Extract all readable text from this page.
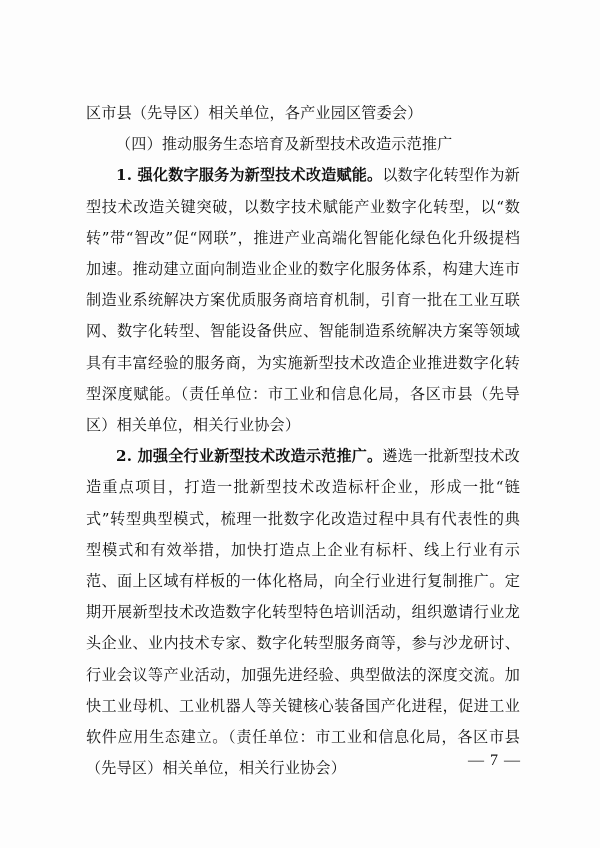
区市县（先导区）相关单位，各产业园区管委会）

（四）推动服务生态培育及新型技术改造示范推广

1. 强化数字服务为新型技术改造赋能。以数字化转型作为新型技术改造关键突破，以数字技术赋能产业数字化转型，以“数转”带“智改”促“网联”，推进产业高端化智能化绿色化升级提档加速。推动建立面向制造业企业的数字化服务体系，构建大连市制造业系统解决方案优质服务商培育机制，引育一批在工业互联网、数字化转型、智能设备供应、智能制造系统解决方案等领域具有丰富经验的服务商，为实施新型技术改造企业推进数字化转型深度赋能。（责任单位：市工业和信息化局，各区市县（先导区）相关单位，相关行业协会）

2. 加强全行业新型技术改造示范推广。遴选一批新型技术改造重点项目，打造一批新型技术改造标杆企业，形成一批“链式”转型典型模式，梳理一批数字化改造过程中具有代表性的典型模式和有效举措，加快打造点上企业有标杆、线上行业有示范、面上区域有样板的一体化格局，向全行业进行复制推广。定期开展新型技术改造数字化转型特色培训活动，组织邀请行业龙头企业、业内技术专家、数字化转型服务商等，参与沙龙研讨、行业会议等产业活动，加强先进经验、典型做法的深度交流。加快工业母机、工业机器人等关键核心装备国产化进程，促进工业软件应用生态建立。（责任单位：市工业和信息化局，各区市县（先导区）相关单位，相关行业协会）	— 7 —
